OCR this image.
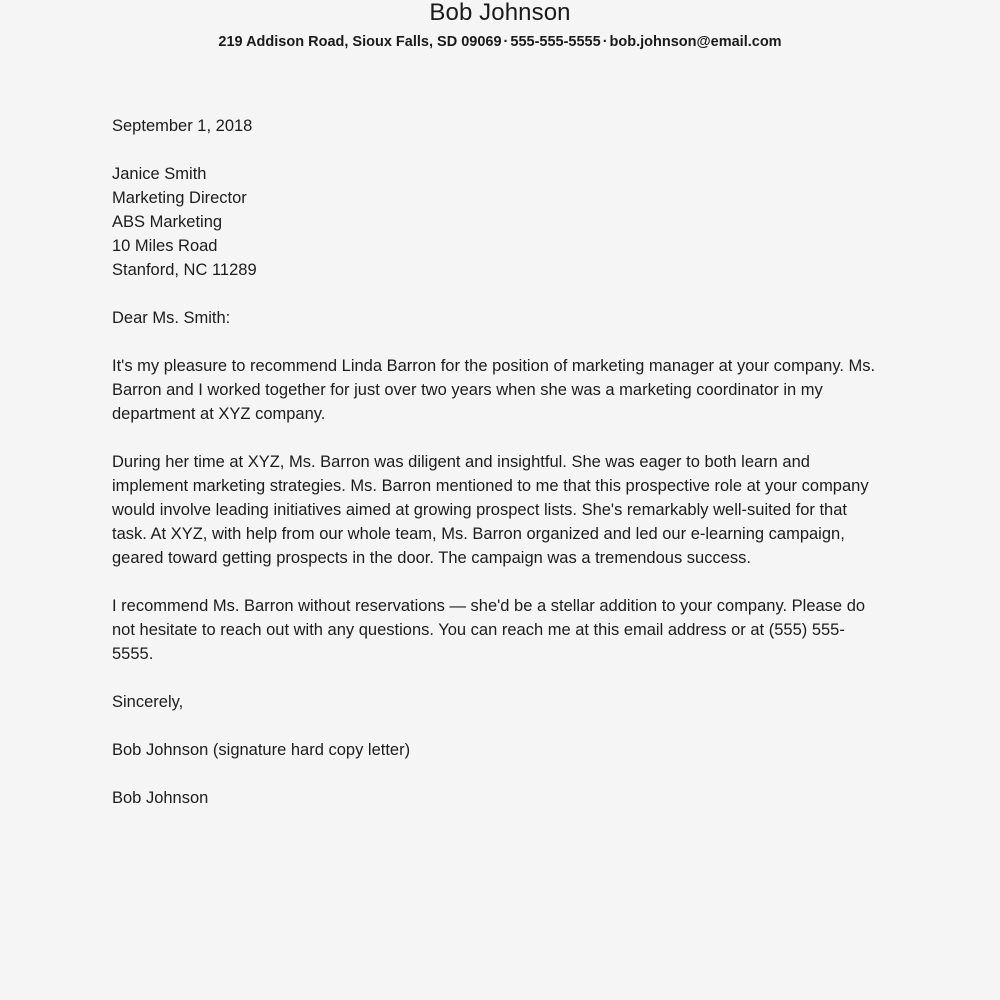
Bob Johnson
219 Addison Road, Sioux Falls, SD 09069 · 555-555-5555 · bob.johnson@email.com
September 1, 2018
Janice Smith
Marketing Director
ABS Marketing
10 Miles Road
Stanford, NC 11289
Dear Ms. Smith:

It's my pleasure to recommend Linda Barron for the position of marketing manager at your company. Ms. Barron and I worked together for just over two years when she was a marketing coordinator in my department at XYZ company.

During her time at XYZ, Ms. Barron was diligent and insightful. She was eager to both learn and implement marketing strategies. Ms. Barron mentioned to me that this prospective role at your company would involve leading initiatives aimed at growing prospect lists. She's remarkably well-suited for that task. At XYZ, with help from our whole team, Ms. Barron organized and led our e-learning campaign, geared toward getting prospects in the door. The campaign was a tremendous success.

I recommend Ms. Barron without reservations — she'd be a stellar addition to your company. Please do not hesitate to reach out with any questions. You can reach me at this email address or at (555) 555-5555.

Sincerely,
Bob Johnson (signature hard copy letter)
Bob Johnson
